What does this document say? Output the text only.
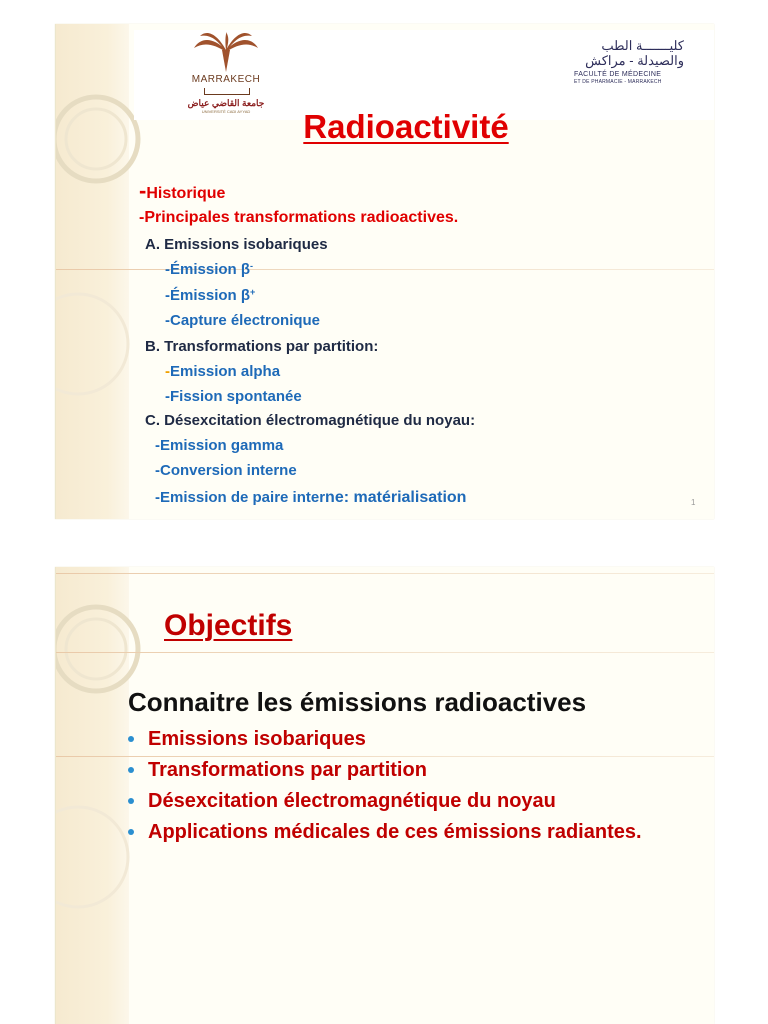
MARRAKECH
جامعة القاضي عياض
UNIVERSITÉ CADI AYYAD
كليـــــــة الطب
والصيدلة - مراكش
FACULTÉ DE MÉDECINE
ET DE PHARMACIE - MARRAKECH
Radioactivité

-Historique

-Principales transformations radioactives.

A. Emissions isobariques

-Émission β-

-Émission β+

-Capture électronique

B. Transformations par partition:

-Emission alpha

-Fission spontanée

C. Désexcitation électromagnétique du noyau:

-Emission gamma

-Conversion interne

-Emission de paire interne: matérialisation	1
Objectifs

Connaitre les émissions radioactives

Emissions isobariques
Transformations par partition
Désexcitation électromagnétique du noyau
Applications médicales de ces émissions radiantes.
